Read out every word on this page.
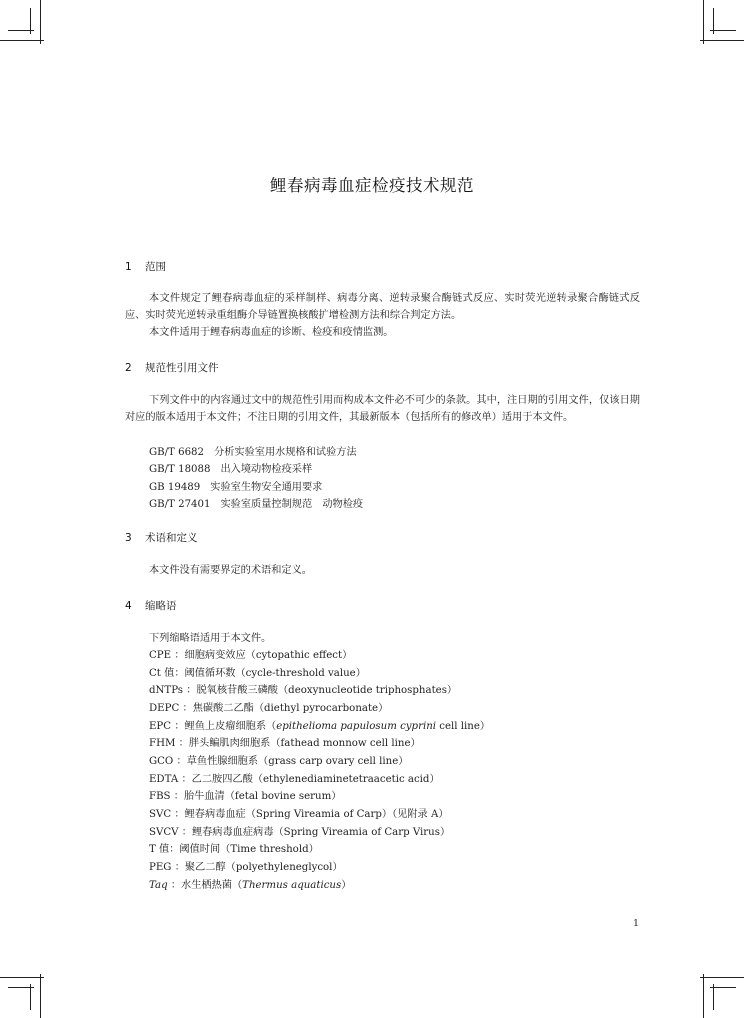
鲤春病毒血症检疫技术规范
1 范围

本文件规定了鲤春病毒血症的采样制样、病毒分离、逆转录聚合酶链式反应、实时荧光逆转录聚合酶链式反应、实时荧光逆转录重组酶介导链置换核酸扩增检测方法和综合判定方法。

本文件适用于鲤春病毒血症的诊断、检疫和疫情监测。

2 规范性引用文件

下列文件中的内容通过文中的规范性引用而构成本文件必不可少的条款。其中，注日期的引用文件，仅该日期对应的版本适用于本文件；不注日期的引用文件，其最新版本（包括所有的修改单）适用于本文件。

GB/T 6682 分析实验室用水规格和试验方法
GB/T 18088 出入境动物检疫采样
GB 19489 实验室生物安全通用要求
GB/T 27401 实验室质量控制规范　动物检疫
3 术语和定义

本文件没有需要界定的术语和定义。

4 缩略语
下列缩略语适用于本文件。
CPE ：细胞病变效应（cytopathic effect）
Ct 值：阈值循环数（cycle-threshold value）
dNTPs ：脱氧核苷酸三磷酸（deoxynucleotide triphosphates）
DEPC ：焦碳酸二乙酯（diethyl pyrocarbonate）
EPC ：鲤鱼上皮瘤细胞系（epithelioma papulosum cyprini cell line）
FHM ：胖头鳊肌肉细胞系（fathead monnow cell line）
GCO ：草鱼性腺细胞系（grass carp ovary cell line）
EDTA ：乙二胺四乙酸（ethylenediaminetetraacetic acid）
FBS ：胎牛血清（fetal bovine serum）
SVC ：鲤春病毒血症（Spring Vireamia of Carp）（见附录 A）
SVCV ：鲤春病毒血症病毒（Spring Vireamia of Carp Virus）
T 值：阈值时间（Time threshold）
PEG ：聚乙二醇（polyethyleneglycol）
Taq ：水生栖热菌（Thermus aquaticus）
1
